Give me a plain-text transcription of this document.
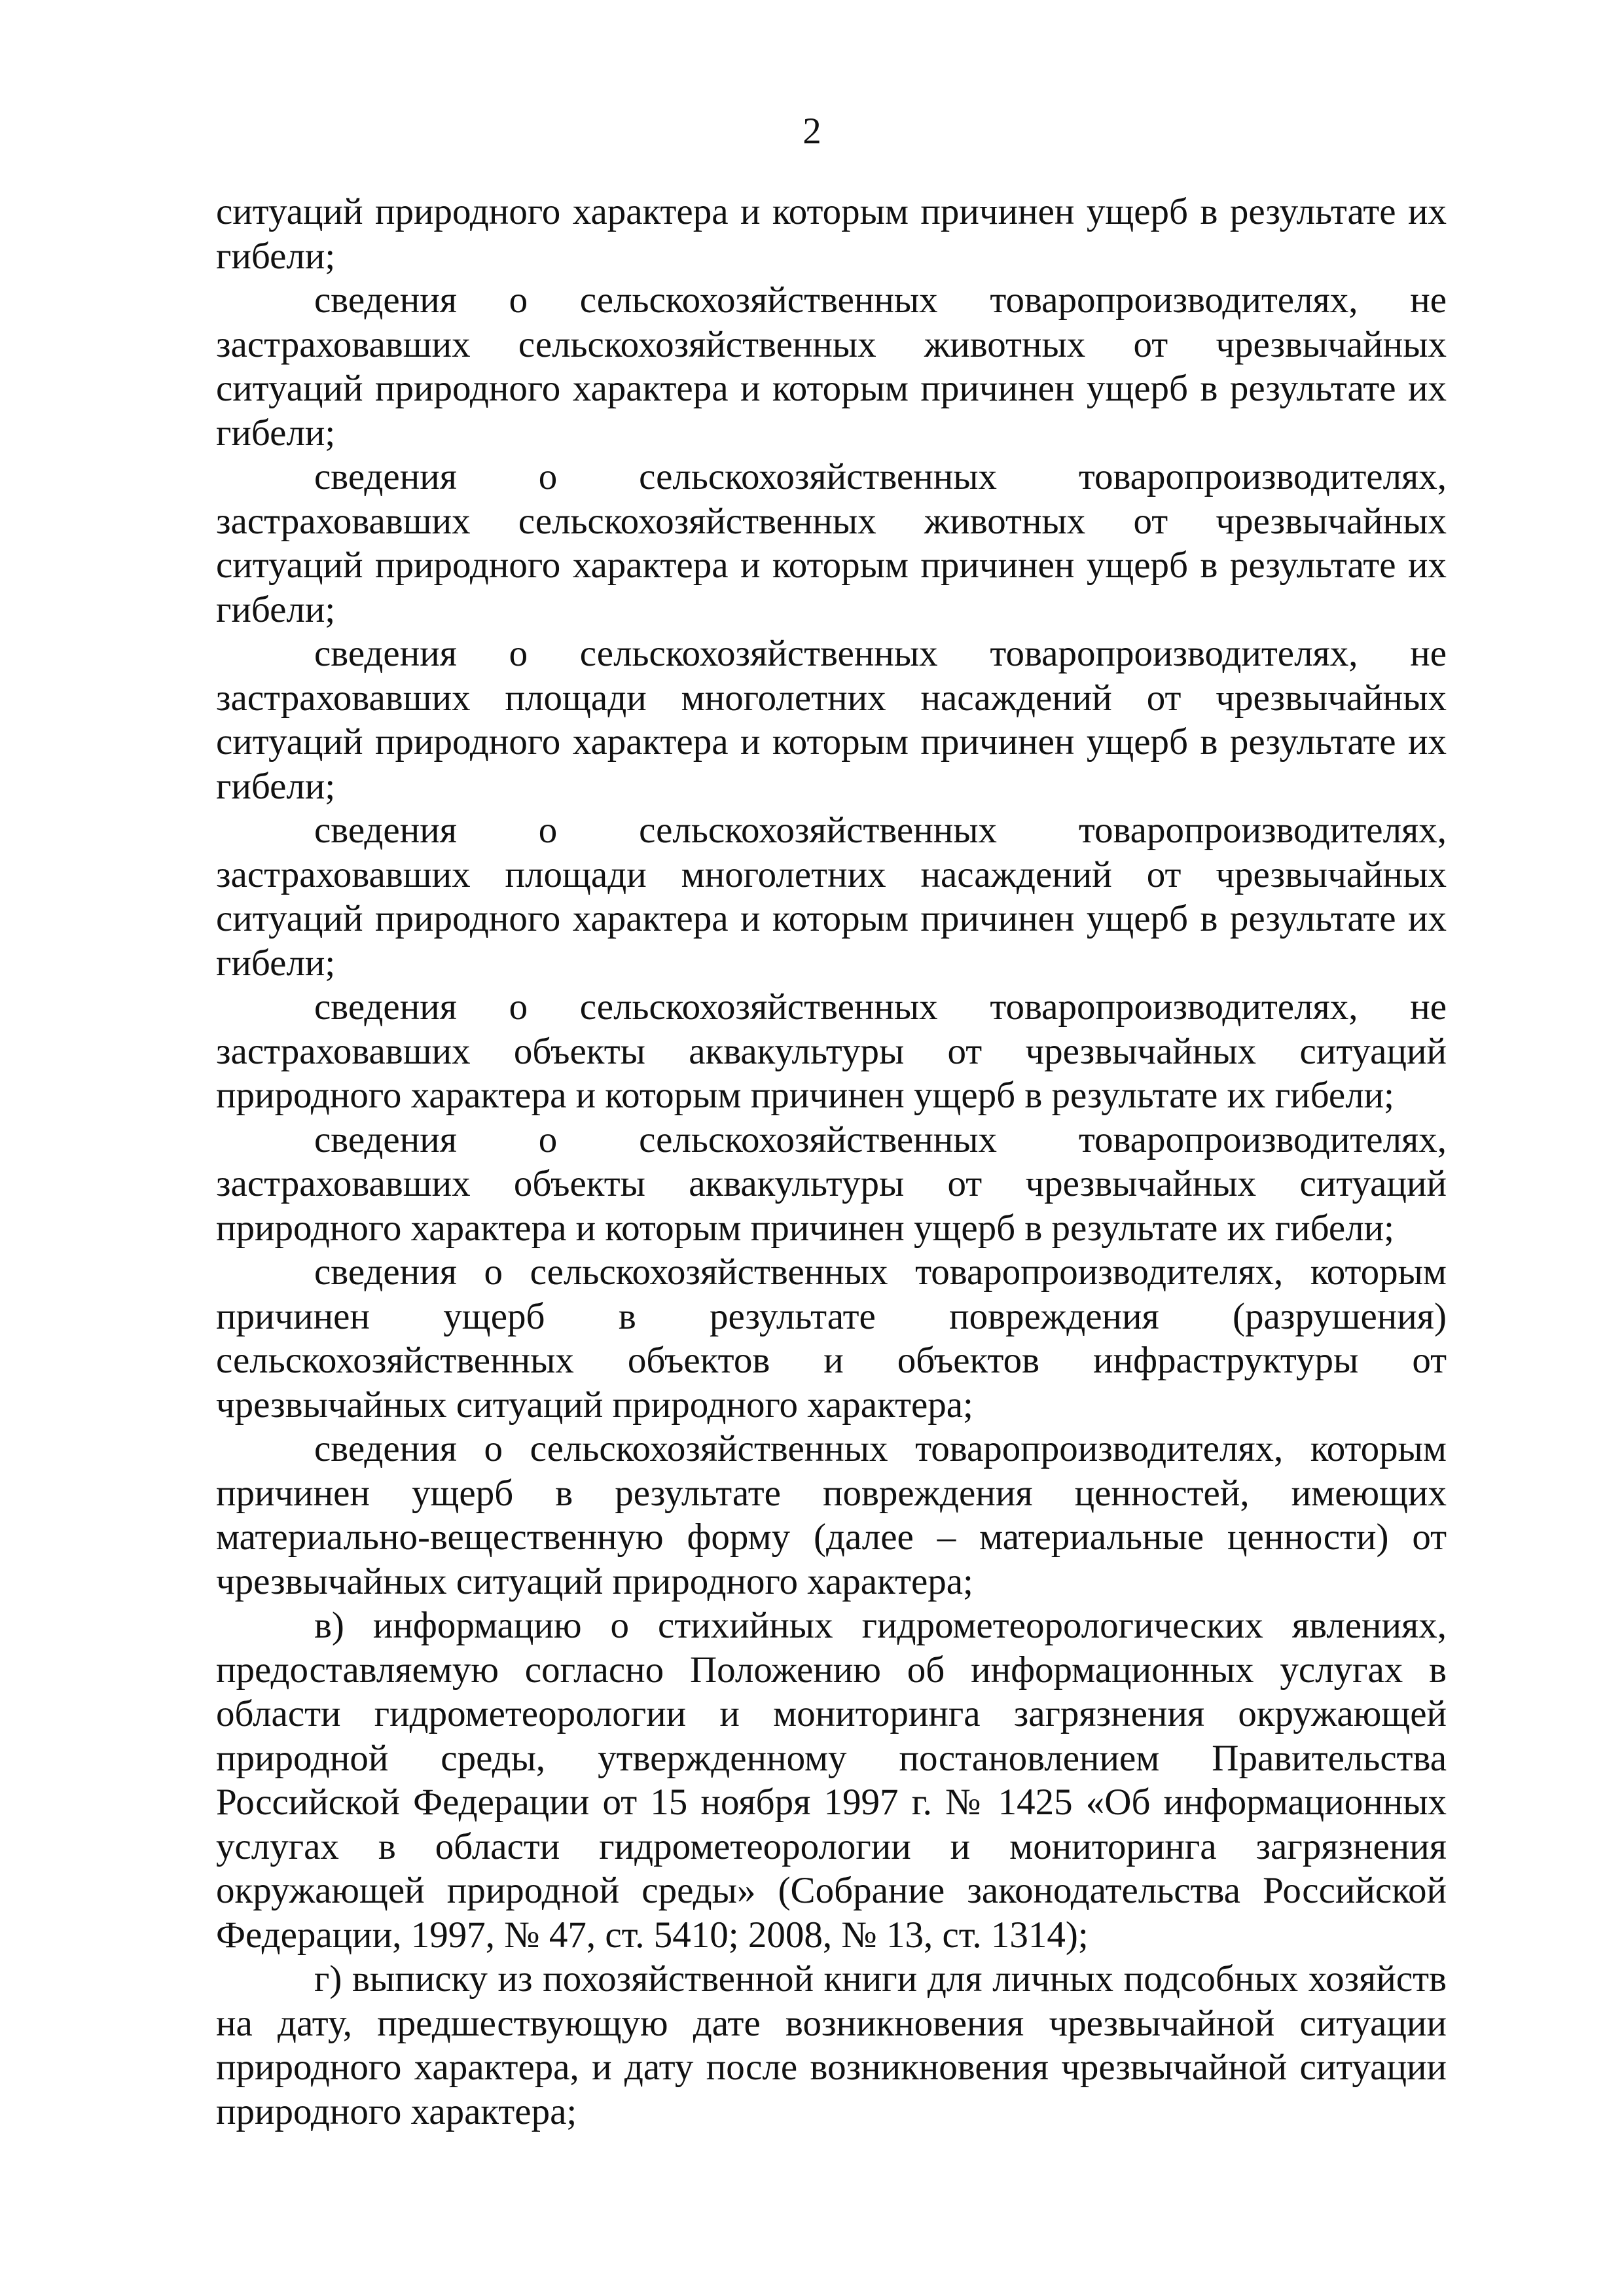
2

ситуаций природного характера и которым причинен ущерб в результате их гибели;

сведения о сельскохозяйственных товаропроизводителях, не застраховавших сельскохозяйственных животных от чрезвычайных ситуаций природного характера и которым причинен ущерб в результате их гибели;

сведения о сельскохозяйственных товаропроизводителях, застраховавших сельскохозяйственных животных от чрезвычайных ситуаций природного характера и которым причинен ущерб в результате их гибели;

сведения о сельскохозяйственных товаропроизводителях, не застраховавших площади многолетних насаждений от чрезвычайных ситуаций природного характера и которым причинен ущерб в результате их гибели;

сведения о сельскохозяйственных товаропроизводителях, застраховавших площади многолетних насаждений от чрезвычайных ситуаций природного характера и которым причинен ущерб в результате их гибели;

сведения о сельскохозяйственных товаропроизводителях, не застраховавших объекты аквакультуры от чрезвычайных ситуаций природного характера и которым причинен ущерб в результате их гибели;

сведения о сельскохозяйственных товаропроизводителях, застраховавших объекты аквакультуры от чрезвычайных ситуаций природного характера и которым причинен ущерб в результате их гибели;

сведения о сельскохозяйственных товаропроизводителях, которым причинен ущерб в результате повреждения (разрушения) сельскохозяйственных объектов и объектов инфраструктуры от чрезвычайных ситуаций природного характера;

сведения о сельскохозяйственных товаропроизводителях, которым причинен ущерб в результате повреждения ценностей, имеющих материально-вещественную форму (далее – материальные ценности) от чрезвычайных ситуаций природного характера;

в) информацию о стихийных гидрометеорологических явлениях, предоставляемую согласно Положению об информационных услугах в области гидрометеорологии и мониторинга загрязнения окружающей природной среды, утвержденному постановлением Правительства Российской Федерации от 15 ноября 1997 г. № 1425 «Об информационных услугах в области гидрометеорологии и мониторинга загрязнения окружающей природной среды» (Собрание законодательства Российской Федерации, 1997, № 47, ст. 5410; 2008, № 13, ст. 1314);

г) выписку из похозяйственной книги для личных подсобных хозяйств на дату, предшествующую дате возникновения чрезвычайной ситуации природного характера, и дату после возникновения чрезвычайной ситуации природного характера;
